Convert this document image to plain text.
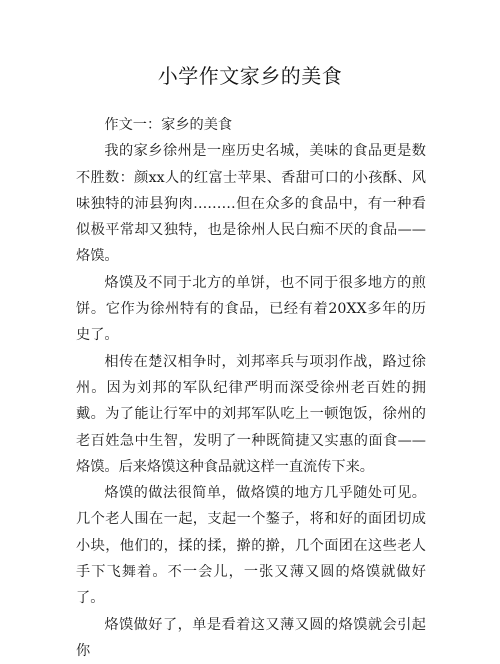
小学作文家乡的美食

作文一：家乡的美食

我的家乡徐州是一座历史名城，美味的食品更是数不胜数：颜xx人的红富士苹果、香甜可口的小孩酥、风味独特的沛县狗肉………但在众多的食品中，有一种看似极平常却又独特，也是徐州人民白痴不厌的食品——烙馍。

烙馍及不同于北方的单饼，也不同于很多地方的煎饼。它作为徐州特有的食品，已经有着20XX多年的历史了。

相传在楚汉相争时，刘邦率兵与项羽作战，路过徐州。因为刘邦的军队纪律严明而深受徐州老百姓的拥戴。为了能让行军中的刘邦军队吃上一顿饱饭，徐州的老百姓急中生智，发明了一种既简捷又实惠的面食——烙馍。后来烙馍这种食品就这样一直流传下来。

烙馍的做法很简单，做烙馍的地方几乎随处可见。几个老人围在一起，支起一个鏊子，将和好的面团切成小块，他们的，揉的揉，擀的擀，几个面团在这些老人手下飞舞着。不一会儿，一张又薄又圆的烙馍就做好了。

烙馍做好了，单是看着这又薄又圆的烙馍就会引起你
